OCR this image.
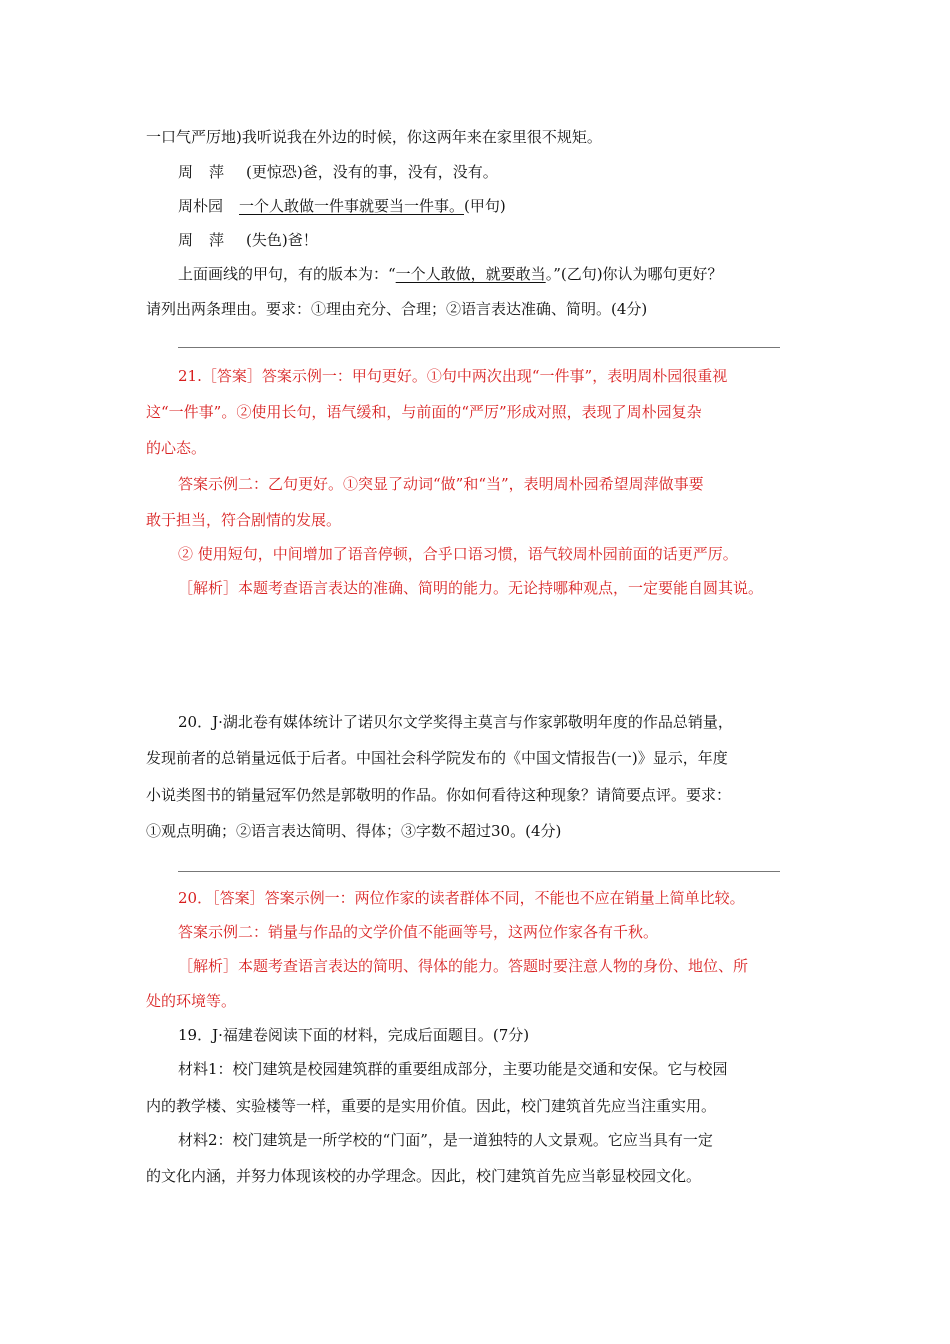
一口气严厉地)我听说我在外边的时候，你这两年来在家里很不规矩。
周 萍 (更惊恐)爸，没有的事，没有，没有。
周朴园 一个人敢做一件事就要当一件事。(甲句)
周 萍 (失色)爸！
上面画线的甲句，有的版本为：“一个人敢做，就要敢当。”(乙句)你认为哪句更好？
请列出两条理由。要求：①理由充分、合理；②语言表达准确、简明。(4分)
21.［答案］答案示例一：甲句更好。①句中两次出现“一件事”，表明周朴园很重视
这“一件事”。②使用长句，语气缓和，与前面的“严厉”形成对照，表现了周朴园复杂
的心态。
答案示例二：乙句更好。①突显了动词“做”和“当”，表明周朴园希望周萍做事要
敢于担当，符合剧情的发展。
② 使用短句，中间增加了语音停顿，合乎口语习惯，语气较周朴园前面的话更严厉。
［解析］本题考查语言表达的准确、简明的能力。无论持哪种观点，一定要能自圆其说。
20．J·湖北卷有媒体统计了诺贝尔文学奖得主莫言与作家郭敬明年度的作品总销量，
发现前者的总销量远低于后者。中国社会科学院发布的《中国文情报告(一)》显示，年度
小说类图书的销量冠军仍然是郭敬明的作品。你如何看待这种现象？请简要点评。要求：
①观点明确；②语言表达简明、得体；③字数不超过30。(4分)
20．［答案］答案示例一：两位作家的读者群体不同，不能也不应在销量上简单比较。
答案示例二：销量与作品的文学价值不能画等号，这两位作家各有千秋。
［解析］本题考查语言表达的简明、得体的能力。答题时要注意人物的身份、地位、所
处的环境等。
19．J·福建卷阅读下面的材料，完成后面题目。(7分)
材料1：校门建筑是校园建筑群的重要组成部分，主要功能是交通和安保。它与校园
内的教学楼、实验楼等一样，重要的是实用价值。因此，校门建筑首先应当注重实用。
材料2：校门建筑是一所学校的“门面”，是一道独特的人文景观。它应当具有一定
的文化内涵，并努力体现该校的办学理念。因此，校门建筑首先应当彰显校园文化。
